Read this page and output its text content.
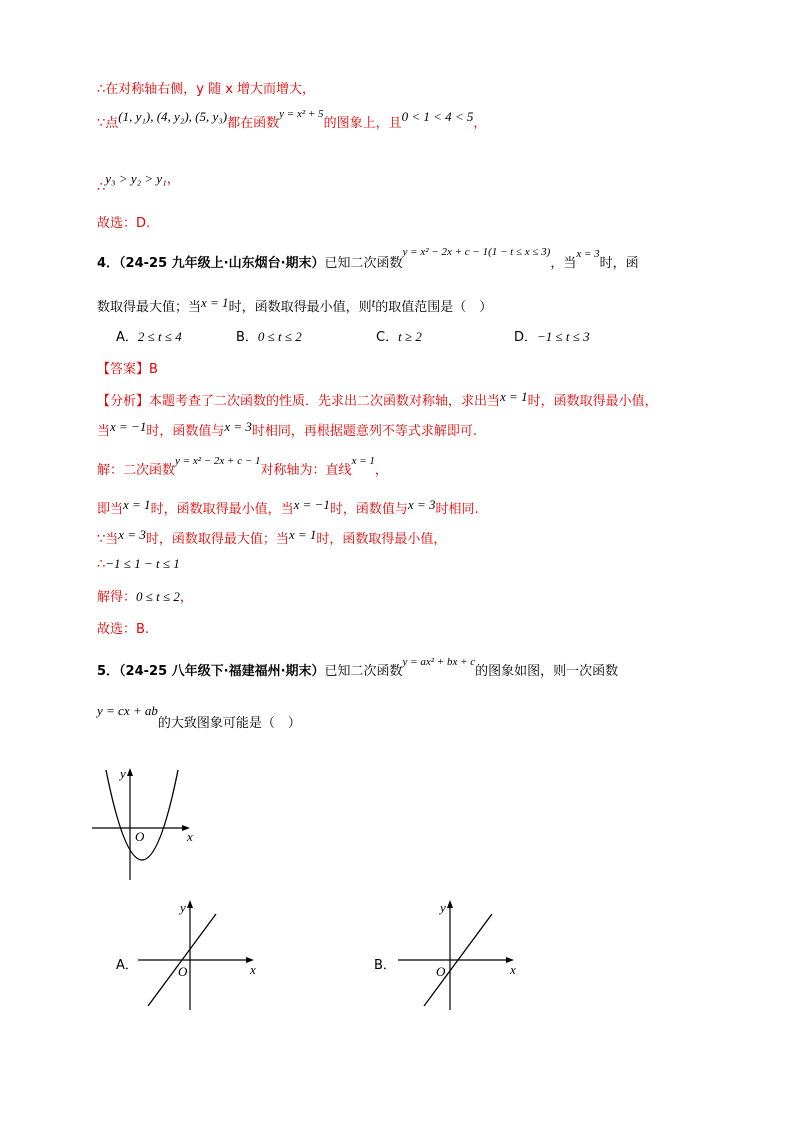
∴在对称轴右侧，y 随 x 增大而增大，
∵点(1, y₁), (4, y₂), (5, y₃)都在函数$^{y = x^2 + 5}$的图象上，且0 < 1 < 4 < 5，
∴y₃ > y₂ > y₁，
故选：D.
4．（24-25 九年级上·山东烟台·期末）已知二次函数$^{y = x^2 - 2x + c - 1(1 - t \le x \le 3)}$，当$^{x = 3}$时，函
数取得最大值；当x = 1时，函数取得最小值，则t的取值范围是（　）
A．2 ≤ t ≤ 4	B．0 ≤ t ≤ 2	C．t ≥ 2	D．−1 ≤ t ≤ 3
【答案】B
【分析】本题考查了二次函数的性质．先求出二次函数对称轴，求出当x = 1时，函数取得最小值，
当x = −1时，函数值与x = 3时相同，再根据题意列不等式求解即可.
解：二次函数$^{y = x^2 - 2x + c - 1}$对称轴为：直线$^{x = 1}$，
即当x = 1时，函数取得最小值，当x = −1时，函数值与x = 3时相同.
∵当x = 3时，函数取得最大值；当x = 1时，函数取得最小值，
∴−1 ≤ 1 − t ≤ 1
解得：0 ≤ t ≤ 2，
故选：B.
5．（24-25 八年级下·福建福州·期末）已知二次函数$^{y = ax^2 + bx + c}$的图象如图，则一次函数
y = cx + ab的大致图象可能是（　）
y
O	x
A．
y
O	x	B．
y
O	x
